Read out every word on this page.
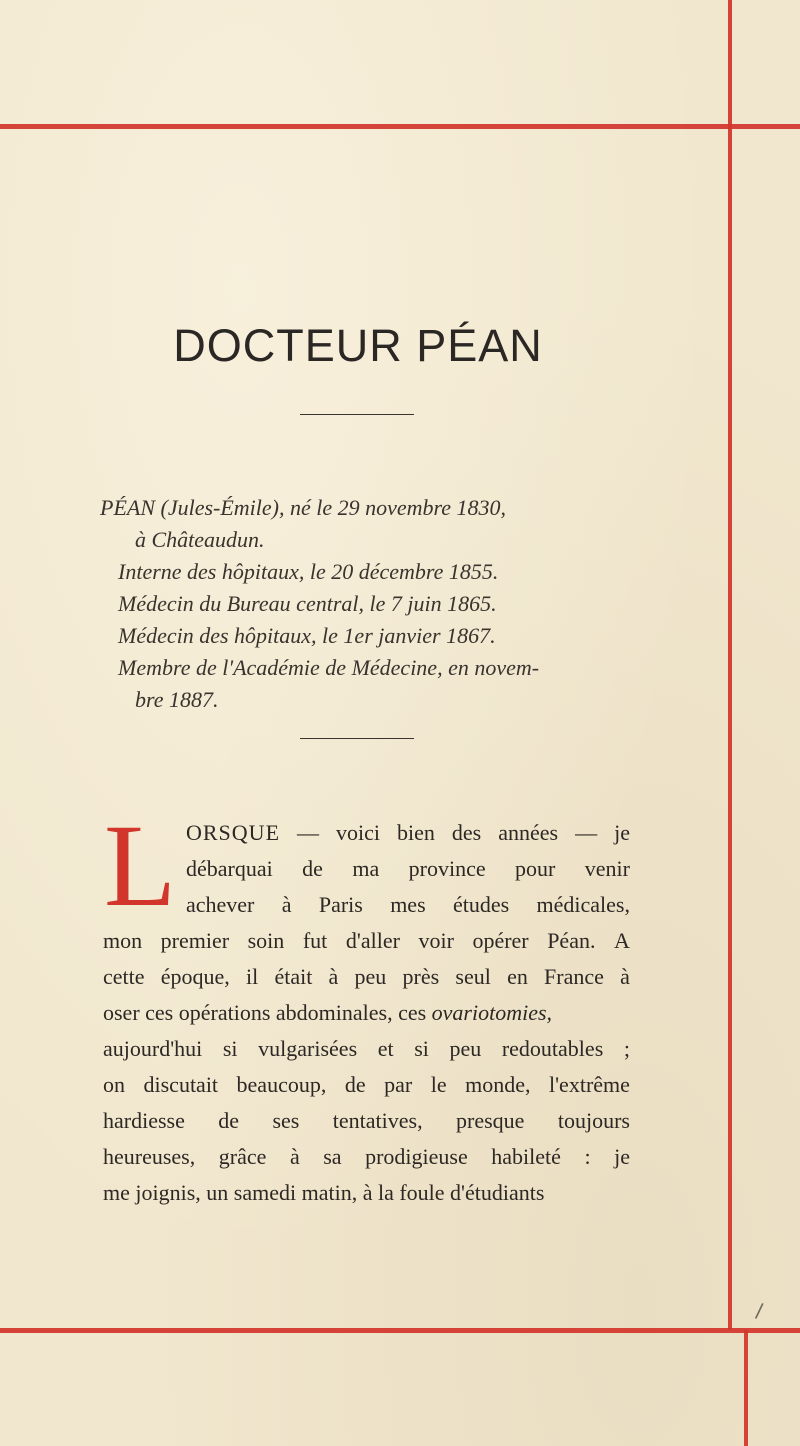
DOCTEUR PÉAN
PÉAN (Jules-Émile), né le 29 novembre 1830,
à Châteaudun.
Interne des hôpitaux, le 20 décembre 1855.
Médecin du Bureau central, le 7 juin 1865.
Médecin des hôpitaux, le 1er janvier 1867.
Membre de l'Académie de Médecine, en novem-
bre 1887.
L ORSQUE — voici bien des années — je
débarquai de ma province pour venir
achever à Paris mes études médicales,
mon premier soin fut d'aller voir opérer Péan. A
cette époque, il était à peu près seul en France à
oser ces opérations abdominales, ces ovariotomies,
aujourd'hui si vulgarisées et si peu redoutables ;
on discutait beaucoup, de par le monde, l'extrême
hardiesse de ses tentatives, presque toujours
heureuses, grâce à sa prodigieuse habileté : je
me joignis, un samedi matin, à la foule d'étudiants
/
